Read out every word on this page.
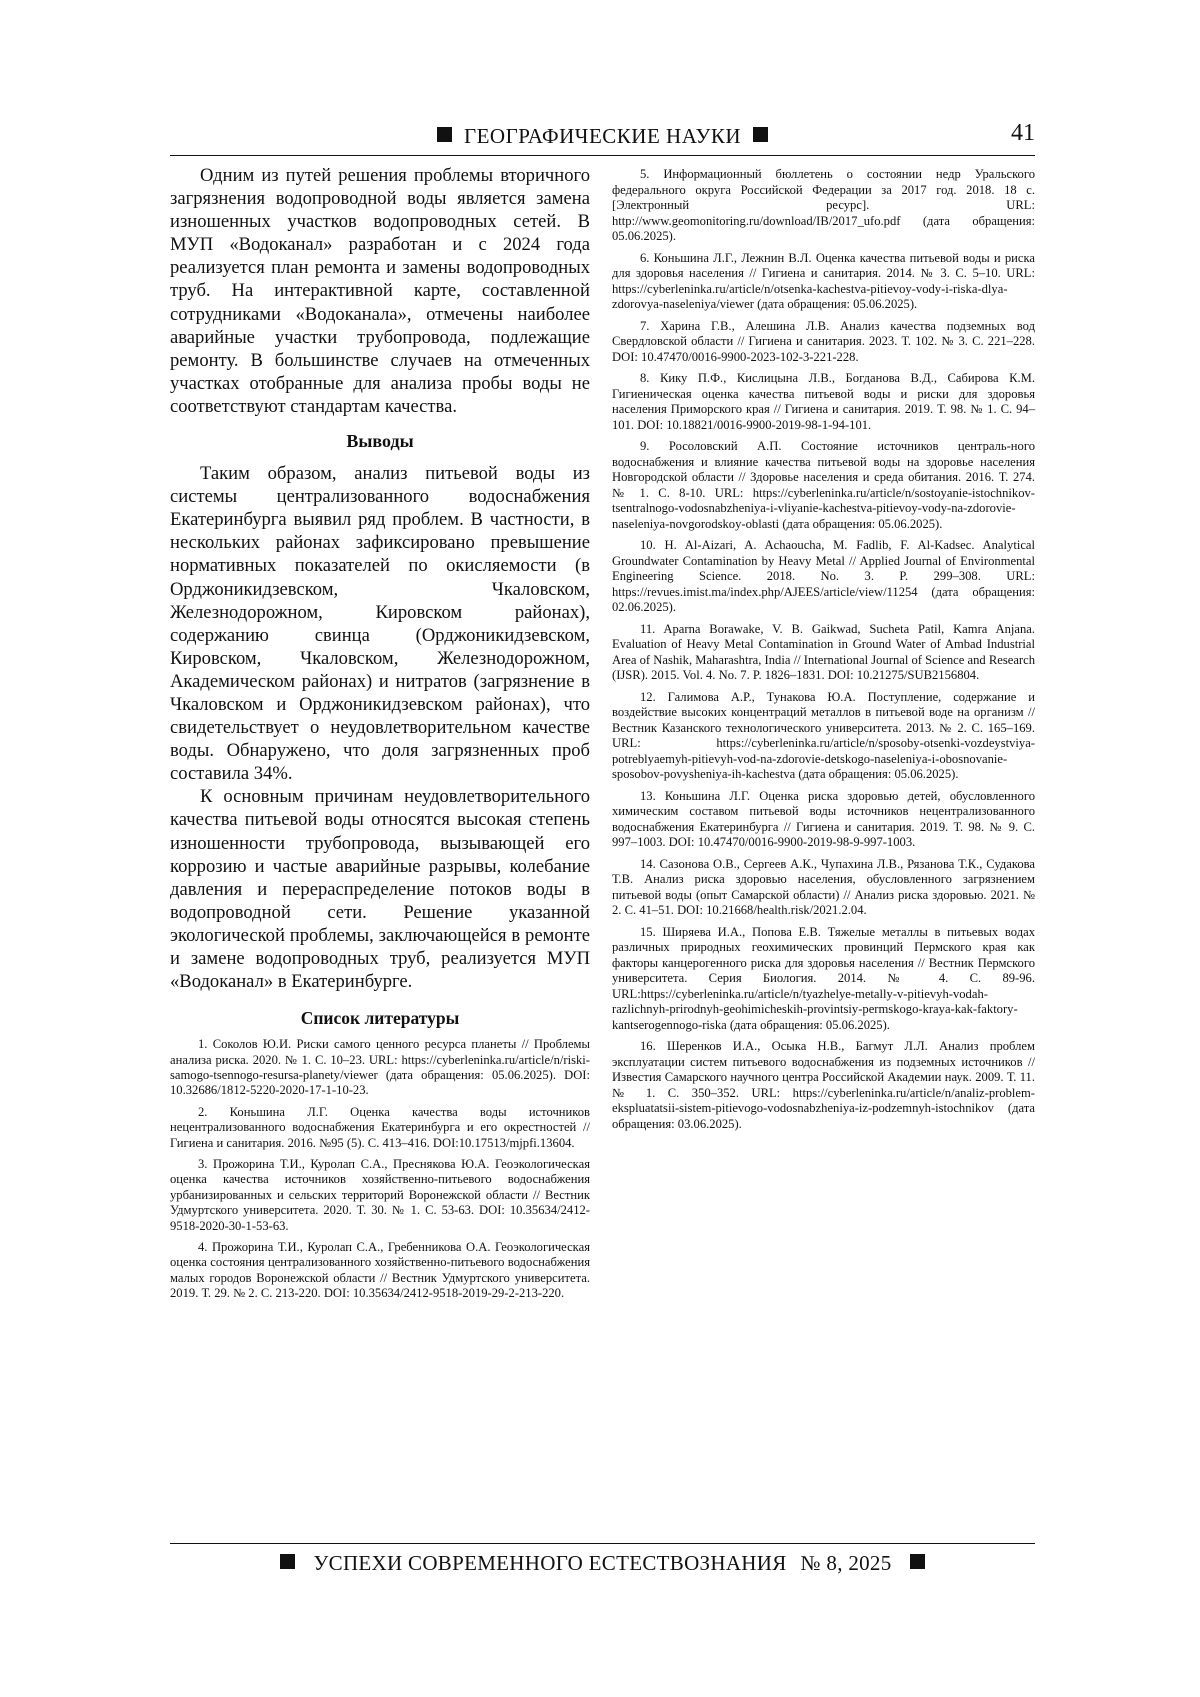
ГЕОГРАФИЧЕСКИЕ НАУКИ	41

Одним из путей решения проблемы вторичного загрязнения водопроводной воды является замена изношенных участков водопроводных сетей. В МУП «Водоканал» разработан и с 2024 года реализуется план ремонта и замены водопроводных труб. На интерактивной карте, составленной сотрудниками «Водоканала», отмечены наиболее аварийные участки трубопровода, подлежащие ремонту. В большинстве случаев на отмеченных участках отобранные для анализа пробы воды не соответствуют стандартам качества.

Выводы

Таким образом, анализ питьевой воды из системы централизованного водоснабжения Екатеринбурга выявил ряд проблем. В частности, в нескольких районах зафиксировано превышение нормативных показателей по окисляемости (в Орджоникидзевском, Чкаловском, Железнодорожном, Кировском районах), содержанию свинца (Орджоникидзевском, Кировском, Чкаловском, Железнодорожном, Академическом районах) и нитратов (загрязнение в Чкаловском и Орджоникидзевском районах), что свидетельствует о неудовлетворительном качестве воды. Обнаружено, что доля загрязненных проб составила 34%.

К основным причинам неудовлетворительного качества питьевой воды относятся высокая степень изношенности трубопровода, вызывающей его коррозию и частые аварийные разрывы, колебание давления и перераспределение потоков воды в водопроводной сети. Решение указанной экологической проблемы, заключающейся в ремонте и замене водопроводных труб, реализуется МУП «Водоканал» в Екатеринбурге.

Список литературы

1. Соколов Ю.И. Риски самого ценного ресурса планеты // Проблемы анализа риска. 2020. № 1. С. 10–23. URL: https://cyberleninka.ru/article/n/riski-samogo-tsennogo-resursa-planety/viewer (дата обращения: 05.06.2025). DOI: 10.32686/1812-5220-2020-17-1-10-23.

2. Коньшина Л.Г. Оценка качества воды источников нецентрализованного водоснабжения Екатеринбурга и его окрестностей // Гигиена и санитария. 2016. №95 (5). С. 413–416. DOI:10.17513/mjpfi.13604.

3. Прожорина Т.И., Куролап С.А., Преснякова Ю.А. Геоэкологическая оценка качества источников хозяйственно-питьевого водоснабжения урбанизированных и сельских территорий Воронежской области // Вестник Удмуртского университета. 2020. Т. 30. № 1. С. 53-63. DOI: 10.35634/2412-9518-2020-30-1-53-63.

4. Прожорина Т.И., Куролап С.А., Гребенникова О.А. Геоэкологическая оценка состояния централизованного хозяйственно-питьевого водоснабжения малых городов Воронежской области // Вестник Удмуртского университета. 2019. Т. 29. № 2. С. 213-220. DOI: 10.35634/2412-9518-2019-29-2-213-220.

5. Информационный бюллетень о состоянии недр Уральского федерального округа Российской Федерации за 2017 год. 2018. 18 с. [Электронный ресурс]. URL: http://www.geomonitoring.ru/download/IB/2017_ufo.pdf (дата обращения: 05.06.2025).

6. Коньшина Л.Г., Лежнин В.Л. Оценка качества питьевой воды и риска для здоровья населения // Гигиена и санитария. 2014. № 3. С. 5–10. URL: https://cyberleninka.ru/article/n/otsenka-kachestva-pitievoy-vody-i-riska-dlya-zdorovya-naseleniya/viewer (дата обращения: 05.06.2025).

7. Харина Г.В., Алешина Л.В. Анализ качества подземных вод Свердловской области // Гигиена и санитария. 2023. Т. 102. № 3. С. 221–228. DOI: 10.47470/0016-9900-2023-102-3-221-228.

8. Кику П.Ф., Кислицына Л.В., Богданова В.Д., Сабирова К.М. Гигиеническая оценка качества питьевой воды и риски для здоровья населения Приморского края // Гигиена и санитария. 2019. Т. 98. № 1. С. 94–101. DOI: 10.18821/0016-9900-2019-98-1-94-101.

9. Росоловский А.П. Состояние источников централь-ного водоснабжения и влияние качества питьевой воды на здоровье населения Новгородской области // Здоровье населения и среда обитания. 2016. Т. 274. № 1. С. 8-10. URL: https://cyberleninka.ru/article/n/sostoyanie-istochnikov-tsentralnogo-vodosnabzheniya-i-vliyanie-kachestva-pitievoy-vody-na-zdorovie-naseleniya-novgorodskoy-oblasti (дата обращения: 05.06.2025).

10. H. Al-Aizari, A. Achaoucha, M. Fadlib, F. Al-Kadsec. Analytical Groundwater Contamination by Heavy Metal // Applied Journal of Environmental Engineering Science. 2018. No. 3. P. 299–308. URL: https://revues.imist.ma/index.php/AJEES/article/view/11254 (дата обращения: 02.06.2025).

11. Aparna Borawake, V. B. Gaikwad, Sucheta Patil, Kamra Anjana. Evaluation of Heavy Metal Contamination in Ground Water of Ambad Industrial Area of Nashik, Maharashtra, India // International Journal of Science and Research (IJSR). 2015. Vol. 4. No. 7. P. 1826–1831. DOI: 10.21275/SUB2156804.

12. Галимова А.Р., Тунакова Ю.А. Поступление, содержание и воздействие высоких концентраций металлов в питьевой воде на организм // Вестник Казанского технологического университета. 2013. № 2. С. 165–169. URL: https://cyberleninka.ru/article/n/sposoby-otsenki-vozdeystviya-potreblyaemyh-pitievyh-vod-na-zdorovie-detskogo-naseleniya-i-obosnovanie-sposobov-povysheniya-ih-kachestva (дата обращения: 05.06.2025).

13. Коньшина Л.Г. Оценка риска здоровью детей, обусловленного химическим составом питьевой воды источников нецентрализованного водоснабжения Екатеринбурга // Гигиена и санитария. 2019. Т. 98. № 9. С. 997–1003. DOI: 10.47470/0016-9900-2019-98-9-997-1003.

14. Сазонова О.В., Сергеев А.К., Чупахина Л.В., Рязанова Т.К., Судакова Т.В. Анализ риска здоровью населения, обусловленного загрязнением питьевой воды (опыт Самарской области) // Анализ риска здоровью. 2021. № 2. С. 41–51. DOI: 10.21668/health.risk/2021.2.04.

15. Ширяева И.А., Попова Е.В. Тяжелые металлы в питьевых водах различных природных геохимических провинций Пермского края как факторы канцерогенного риска для здоровья населения // Вестник Пермского университета. Серия Биология. 2014. № 4. С. 89-96. URL:https://cyberleninka.ru/article/n/tyazhelye-metally-v-pitievyh-vodah-razlichnyh-prirodnyh-geohimicheskih-provintsiy-permskogo-kraya-kak-faktory-kantserogennogo-riska (дата обращения: 05.06.2025).

16. Шеренков И.А., Осыка Н.В., Багмут Л.Л. Анализ проблем эксплуатации систем питьевого водоснабжения из подземных источников // Известия Самарского научного центра Российской Академии наук. 2009. Т. 11. № 1. С. 350–352. URL: https://cyberleninka.ru/article/n/analiz-problem-ekspluatatsii-sistem-pitievogo-vodosnabzheniya-iz-podzemnyh-istochnikov (дата обращения: 03.06.2025).

УСПЕХИ СОВРЕМЕННОГО ЕСТЕСТВОЗНАНИЯ № 8, 2025
